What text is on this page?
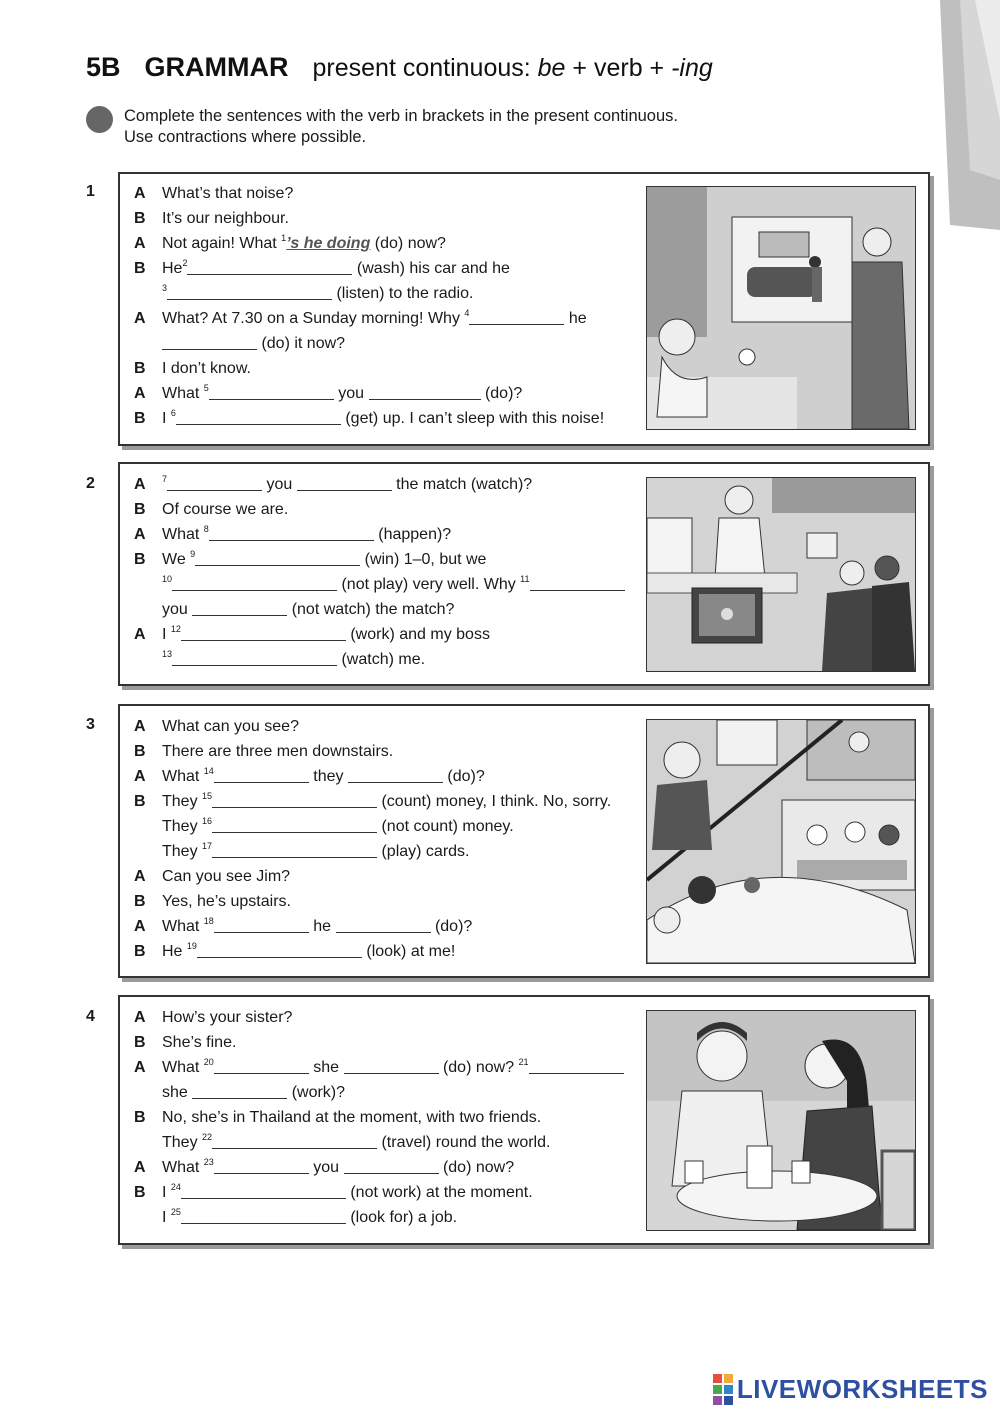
5B GRAMMAR present continuous: be + verb + -ing
Complete the sentences with the verb in brackets in the present continuous.
Use contractions where possible.
1 A	What’s that noise?
B	It’s our neighbour.
A	Not again! What $^1$’s he doing (do) now?
B	He$^2$	(wash) his car and he
$^3$	(listen) to the radio.
A	What? At 7.30 on a Sunday morning! Why $^4$	he
(do) it now?
B	I don’t know.
A	What $^5$	you	(do)?
B	I $^6$	(get) up. I can’t sleep with this noise!
2 A	$^7$	you	the match (watch)?
B	Of course we are.
A	What $^8$	(happen)?
B	We $^9$	(win) 1–0, but we
$^{10}$	(not play) very well. Why $^{11}$
you	(not watch) the match?
A	I $^{12}$	(work) and my boss
$^{13}$	(watch) me.
3 A	What can you see?
B	There are three men downstairs.
A	What $^{14}$	they	(do)?
B	They $^{15}$	(count) money, I think. No, sorry.
They $^{16}$	(not count) money.
They $^{17}$	(play) cards.
A	Can you see Jim?
B	Yes, he’s upstairs.
A	What $^{18}$	he	(do)?
B	He $^{19}$	(look) at me!
4 A	How’s your sister?
B	She’s fine.
A	What $^{20}$	she	(do) now? $^{21}$
she	(work)?
B	No, she’s in Thailand at the moment, with two friends.
They $^{22}$	(travel) round the world.
A	What $^{23}$	you	(do) now?
B	I $^{24}$	(not work) at the moment.
I $^{25}$	(look for) a job.
LIVEWORKSHEETS
